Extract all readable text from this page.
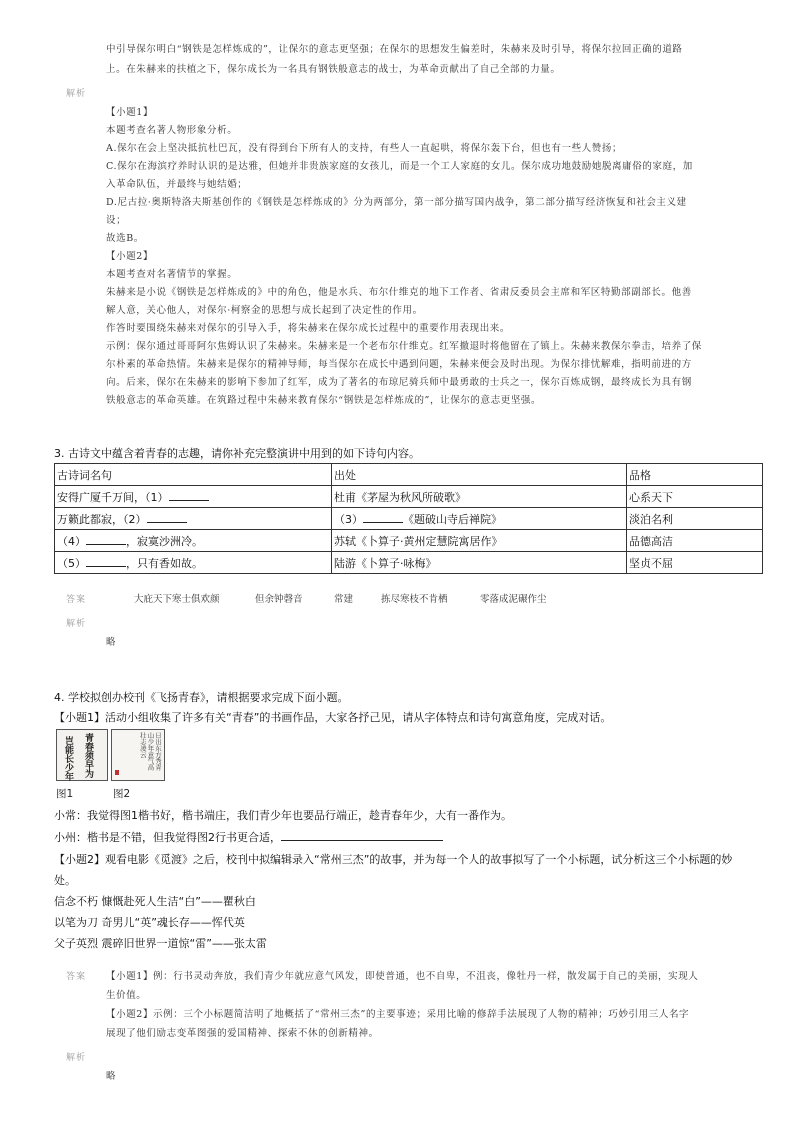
中引导保尔明白“钢铁是怎样炼成的”，让保尔的意志更坚强；在保尔的思想发生偏差时，朱赫来及时引导，将保尔拉回正确的道路
上。在朱赫来的扶植之下，保尔成长为一名具有钢铁般意志的战士，为革命贡献出了自己全部的力量。
解析
【小题1】
本题考查名著人物形象分析。
A.保尔在会上坚决抵抗杜巴瓦，没有得到台下所有人的支持，有些人一直起哄，将保尔轰下台，但也有一些人赞扬；
C.保尔在海滨疗养时认识的是达雅，但她并非贵族家庭的女孩儿，而是一个工人家庭的女儿。保尔成功地鼓励她脱离庸俗的家庭，加
入革命队伍，并最终与她结婚；
D.尼古拉·奥斯特洛夫斯基创作的《钢铁是怎样炼成的》分为两部分，第一部分描写国内战争，第二部分描写经济恢复和社会主义建
设；
故选B。
【小题2】
本题考查对名著情节的掌握。
朱赫来是小说《钢铁是怎样炼成的》中的角色，他是水兵、布尔什维克的地下工作者、省肃反委员会主席和军区特勤部副部长。他善
解人意，关心他人，对保尔·柯察金的思想与成长起到了决定性的作用。
作答时要围绕朱赫来对保尔的引导入手，将朱赫来在保尔成长过程中的重要作用表现出来。
示例：保尔通过哥哥阿尔焦姆认识了朱赫来。朱赫来是一个老布尔什维克。红军撤退时将他留在了镇上。朱赫来教保尔拳击，培养了保
尔朴素的革命热情。朱赫来是保尔的精神导师，每当保尔在成长中遇到问题，朱赫来便会及时出现。为保尔排忧解难，指明前进的方
向。后来，保尔在朱赫来的影响下参加了红军，成为了著名的布琼尼骑兵师中最勇敢的士兵之一，保尔百炼成钢，最终成长为具有钢
铁般意志的革命英雄。在筑路过程中朱赫来教育保尔“钢铁是怎样炼成的”，让保尔的意志更坚强。
3. 古诗文中蕴含着青春的志趣，请你补充完整演讲中用到的如下诗句内容。
古诗词名句	出处	品格
安得广厦千万间，（1）	杜甫《茅屋为秋风所破歌》	心系天下
万籁此都寂，（2）	（3） 《题破山寺后禅院》	淡泊名利
（4） ，寂寞沙洲冷。	苏轼《卜算子·黄州定慧院寓居作》	品德高洁
（5） ，只有香如故。	陆游《卜算子·咏梅》	坚贞不屈
答案	大庇天下寒士俱欢颜	但余钟磬音	常建	拣尽寒枝不肯栖	零落成泥碾作尘
解析
略
4. 学校拟创办校刊《飞扬青春》，请根据要求完成下面小题。
【小题1】活动小组收集了许多有关“青春”的书画作品，大家各抒己见，请从字体特点和诗句寓意角度，完成对话。
青
春
须
早
为
岂
能
长
少
年
日出东方秀青山少年意气高壮志凌云
图1	图2
小常：我觉得图1楷书好，楷书端庄，我们青少年也要品行端正，趁青春年少，大有一番作为。
小州：楷书是不错，但我觉得图2行书更合适，
【小题2】观看电影《觅渡》之后，校刊中拟编辑录入“常州三杰”的故事，并为每一个人的故事拟写了一个小标题，试分析这三个小标题的妙
处。
信念不朽 慷慨赴死人生洁“白”——瞿秋白
以笔为刀 奇男儿“英”魂长存——恽代英
父子英烈 震碎旧世界一道惊“雷”——张太雷
答案 【小题1】例：行书灵动奔放，我们青少年就应意气风发，即使普通，也不自卑，不沮丧，像牡丹一样，散发属于自己的美丽，实现人
生价值。
【小题2】示例：三个小标题简洁明了地概括了“常州三杰”的主要事迹；采用比喻的修辞手法展现了人物的精神；巧妙引用三人名字
展现了他们励志变革图强的爱国精神、探索不休的创新精神。
解析
略
